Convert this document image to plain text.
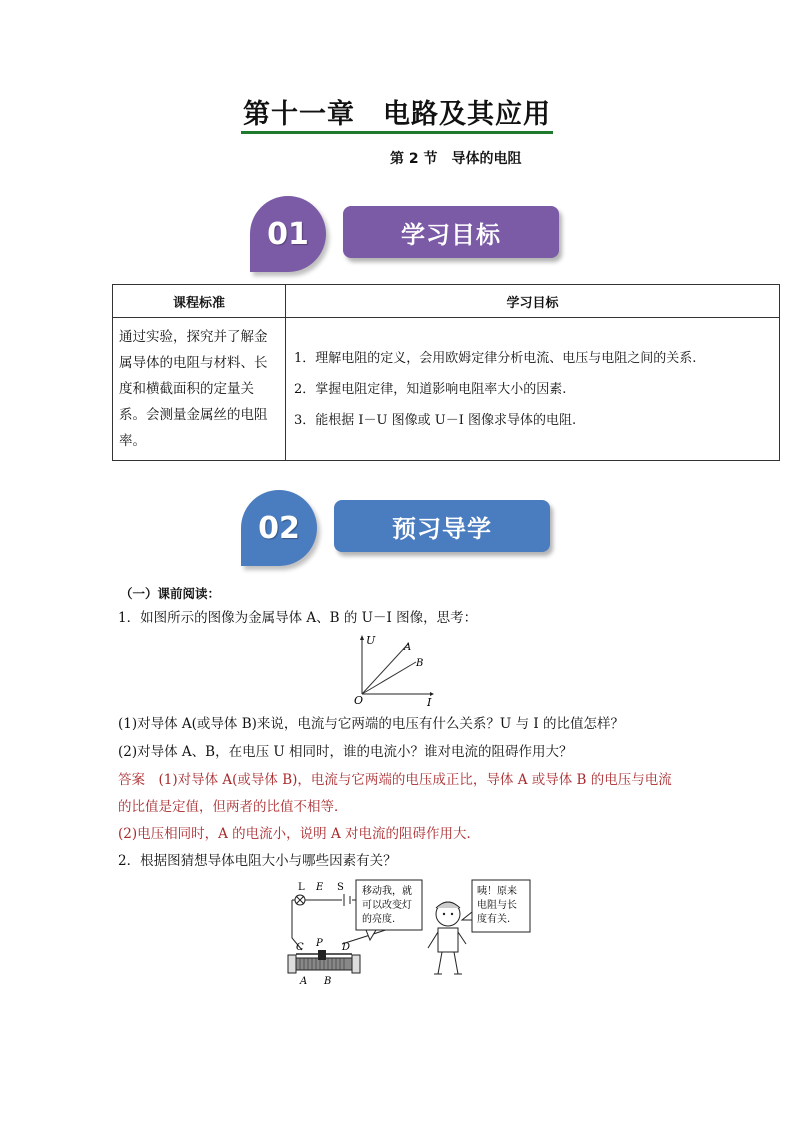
第十一章　电路及其应用
第 2 节　导体的电阻
01	学习目标
课程标准	学习目标
通过实验，探究并了解金属导体的电阻与材料、长度和横截面积的定量关系。会测量金属丝的电阻率。	1．理解电阻的定义，会用欧姆定律分析电流、电压与电阻之间的关系.
2．掌握电阻定律，知道影响电阻率大小的因素.
3．能根据 I－U 图像或 U－I 图像求导体的电阻.
02	预习导学
（一）课前阅读：
1．如图所示的图像为金属导体 A、B 的 U－I 图像，思考：
U
I
O
A
B
(1)对导体 A(或导体 B)来说，电流与它两端的电压有什么关系？U 与 I 的比值怎样？
(2)对导体 A、B，在电压 U 相同时，谁的电流小？谁对电流的阻碍作用大？
答案　 (1)对导体 A(或导体 B)，电流与它两端的电压成正比，导体 A 或导体 B 的电压与电流
的比值是定值，但两者的比值不相等．
(2)电压相同时，A 的电流小，说明 A 对电流的阻碍作用大．
2．根据图猜想导体电阻大小与哪些因素有关？
L E S 移动我，就
可以改变灯
的亮度.
C P D
A B
咦！原来
电阻与长
度有关.
